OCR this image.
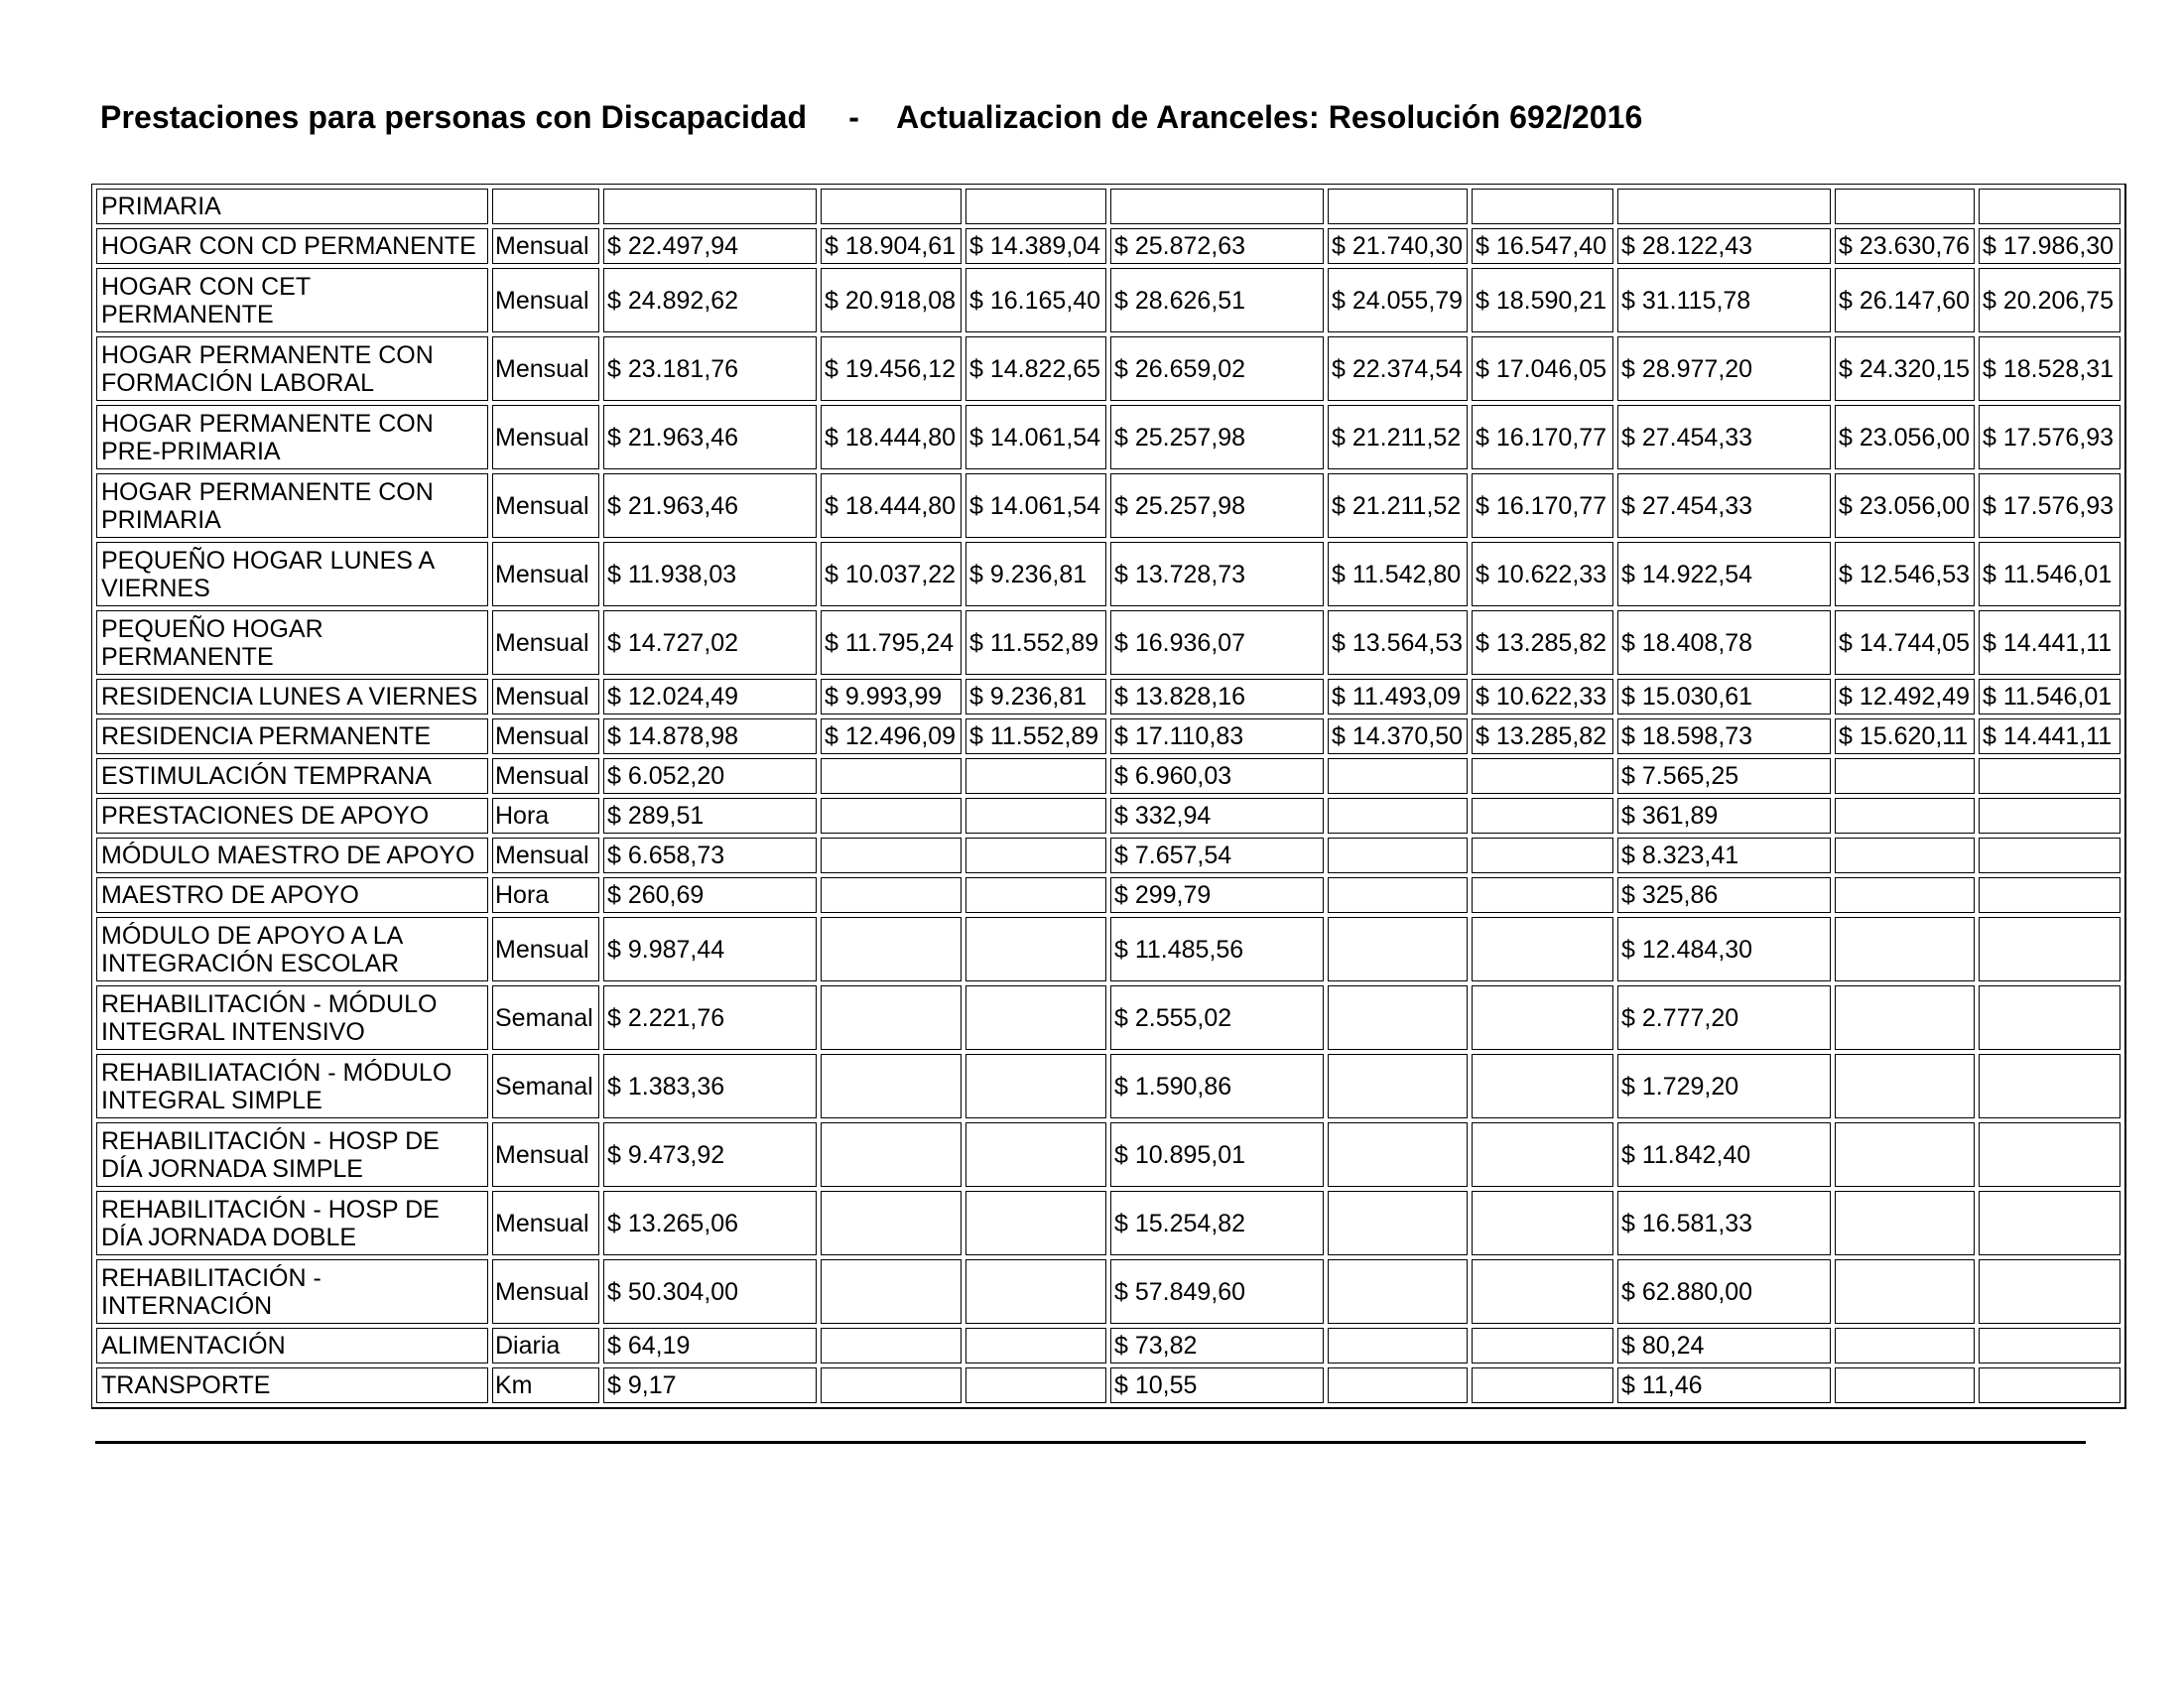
Prestaciones para personas con Discapacidad - Actualizacion de Aranceles: Resolución 692/2016
PRIMARIA										
HOGAR CON CD PERMANENTE	Mensual	$ 22.497,94	$ 18.904,61	$ 14.389,04	$ 25.872,63	$ 21.740,30	$ 16.547,40	$ 28.122,43	$ 23.630,76	$ 17.986,30
HOGAR CON CET PERMANENTE	Mensual	$ 24.892,62	$ 20.918,08	$ 16.165,40	$ 28.626,51	$ 24.055,79	$ 18.590,21	$ 31.115,78	$ 26.147,60	$ 20.206,75
HOGAR PERMANENTE CON FORMACIÓN LABORAL	Mensual	$ 23.181,76	$ 19.456,12	$ 14.822,65	$ 26.659,02	$ 22.374,54	$ 17.046,05	$ 28.977,20	$ 24.320,15	$ 18.528,31
HOGAR PERMANENTE CON PRE-PRIMARIA	Mensual	$ 21.963,46	$ 18.444,80	$ 14.061,54	$ 25.257,98	$ 21.211,52	$ 16.170,77	$ 27.454,33	$ 23.056,00	$ 17.576,93
HOGAR PERMANENTE CON PRIMARIA	Mensual	$ 21.963,46	$ 18.444,80	$ 14.061,54	$ 25.257,98	$ 21.211,52	$ 16.170,77	$ 27.454,33	$ 23.056,00	$ 17.576,93
PEQUEÑO HOGAR LUNES A VIERNES	Mensual	$ 11.938,03	$ 10.037,22	$ 9.236,81	$ 13.728,73	$ 11.542,80	$ 10.622,33	$ 14.922,54	$ 12.546,53	$ 11.546,01
PEQUEÑO HOGAR PERMANENTE	Mensual	$ 14.727,02	$ 11.795,24	$ 11.552,89	$ 16.936,07	$ 13.564,53	$ 13.285,82	$ 18.408,78	$ 14.744,05	$ 14.441,11
RESIDENCIA LUNES A VIERNES	Mensual	$ 12.024,49	$ 9.993,99	$ 9.236,81	$ 13.828,16	$ 11.493,09	$ 10.622,33	$ 15.030,61	$ 12.492,49	$ 11.546,01
RESIDENCIA PERMANENTE	Mensual	$ 14.878,98	$ 12.496,09	$ 11.552,89	$ 17.110,83	$ 14.370,50	$ 13.285,82	$ 18.598,73	$ 15.620,11	$ 14.441,11
ESTIMULACIÓN TEMPRANA	Mensual	$ 6.052,20			$ 6.960,03			$ 7.565,25		
PRESTACIONES DE APOYO	Hora	$ 289,51			$ 332,94			$ 361,89		
MÓDULO MAESTRO DE APOYO	Mensual	$ 6.658,73			$ 7.657,54			$ 8.323,41		
MAESTRO DE APOYO	Hora	$ 260,69			$ 299,79			$ 325,86		
MÓDULO DE APOYO A LA INTEGRACIÓN ESCOLAR	Mensual	$ 9.987,44			$ 11.485,56			$ 12.484,30		
REHABILITACIÓN - MÓDULO INTEGRAL INTENSIVO	Semanal	$ 2.221,76			$ 2.555,02			$ 2.777,20		
REHABILIATACIÓN - MÓDULO INTEGRAL SIMPLE	Semanal	$ 1.383,36			$ 1.590,86			$ 1.729,20		
REHABILITACIÓN - HOSP DE DÍA JORNADA SIMPLE	Mensual	$ 9.473,92			$ 10.895,01			$ 11.842,40		
REHABILITACIÓN - HOSP DE DÍA JORNADA DOBLE	Mensual	$ 13.265,06			$ 15.254,82			$ 16.581,33		
REHABILITACIÓN - INTERNACIÓN	Mensual	$ 50.304,00			$ 57.849,60			$ 62.880,00		
ALIMENTACIÓN	Diaria	$ 64,19			$ 73,82			$ 80,24		
TRANSPORTE	Km	$ 9,17			$ 10,55			$ 11,46		
